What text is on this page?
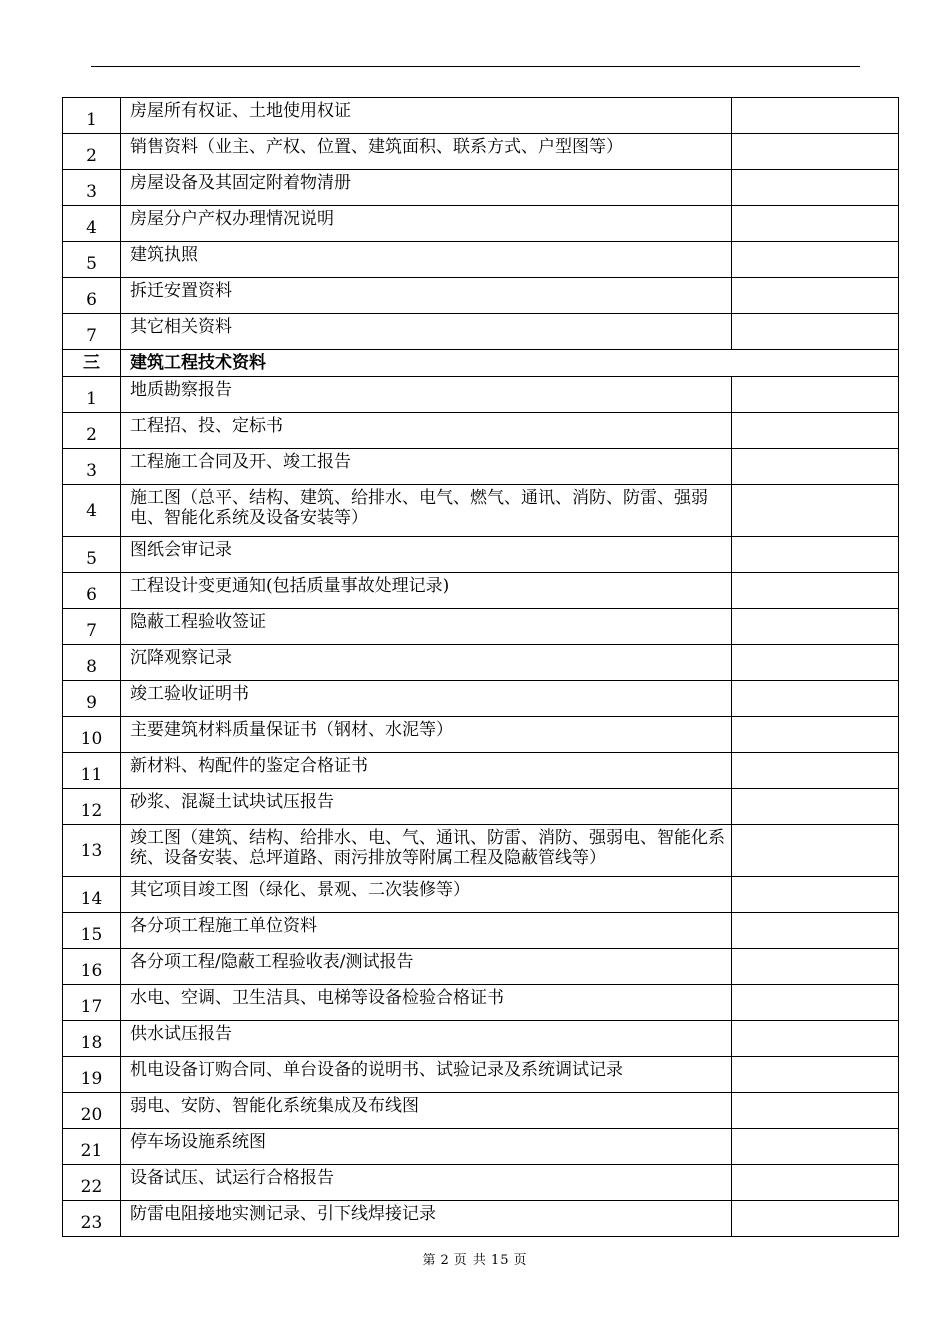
1	房屋所有权证、土地使用权证	
2	销售资料（业主、产权、位置、建筑面积、联系方式、户型图等）	
3	房屋设备及其固定附着物清册	
4	房屋分户产权办理情况说明	
5	建筑执照	
6	拆迁安置资料	
7	其它相关资料	
三	建筑工程技术资料	
1	地质勘察报告	
2	工程招、投、定标书	
3	工程施工合同及开、竣工报告	
4	施工图（总平、结构、建筑、给排水、电气、燃气、通讯、消防、防雷、强弱电、智能化系统及设备安装等）	
5	图纸会审记录	
6	工程设计变更通知(包括质量事故处理记录)	
7	隐蔽工程验收签证	
8	沉降观察记录	
9	竣工验收证明书	
10	主要建筑材料质量保证书（钢材、水泥等）	
11	新材料、构配件的鉴定合格证书	
12	砂浆、混凝土试块试压报告	
13	竣工图（建筑、结构、给排水、电、气、通讯、防雷、消防、强弱电、智能化系统、设备安装、总坪道路、雨污排放等附属工程及隐蔽管线等）	
14	其它项目竣工图（绿化、景观、二次装修等）	
15	各分项工程施工单位资料	
16	各分项工程/隐蔽工程验收表/测试报告	
17	水电、空调、卫生洁具、电梯等设备检验合格证书	
18	供水试压报告	
19	机电设备订购合同、单台设备的说明书、试验记录及系统调试记录	
20	弱电、安防、智能化系统集成及布线图	
21	停车场设施系统图	
22	设备试压、试运行合格报告	
23	防雷电阻接地实测记录、引下线焊接记录	
第 2 页 共 15 页
